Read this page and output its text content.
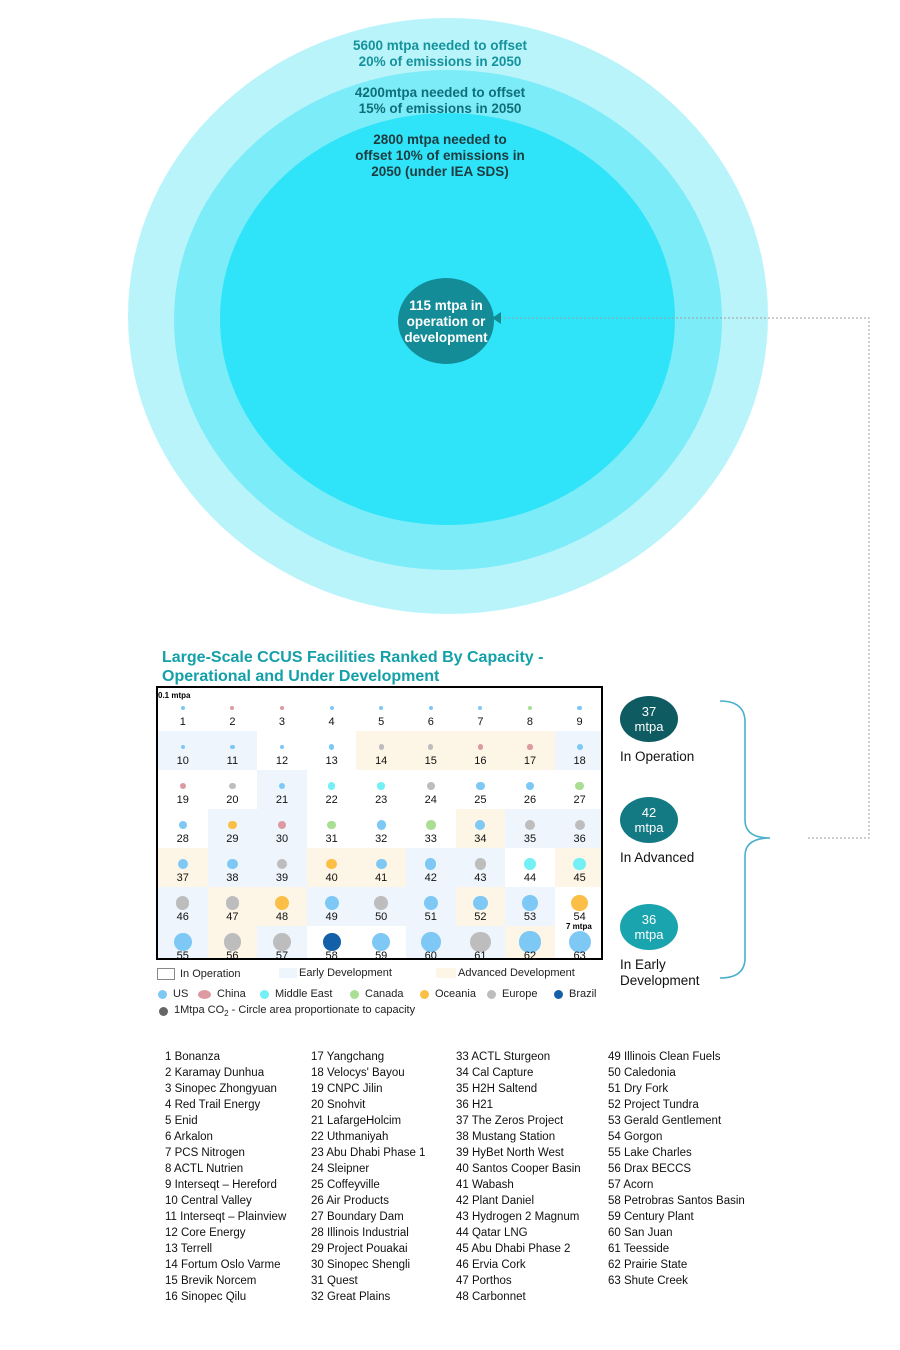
5600 mtpa needed to offset
20% of emissions in 2050
4200mtpa needed to offset
15% of emissions in 2050
2800 mtpa needed to
offset 10% of emissions in
2050 (under IEA SDS)
115 mtpa in
operation or
development
Large-Scale CCUS Facilities Ranked By Capacity -
Operational and Under Development
0.1 mtpa
7 mtpa
1	2	3	4	5	6	7	8	9
10	11	12	13	14	15	16	17	18
19	20	21	22	23	24	25	26	27
28	29	30	31	32	33	34	35	36
37	38	39	40	41	42	43	44	45
46	47	48	49	50	51	52	53	54
55	56	57	58	59	60	61	62	63
In Operation	Early Development	Advanced Development
US	China	Middle East	Canada	Oceania Europe	Brazil
1Mtpa $CO_2$ - Circle area proportionate to capacity
37
mtpa
In Operation
42
mtpa
In Advanced
36
mtpa
In Early
Development
1 Bonanza
2 Karamay Dunhua
3 Sinopec Zhongyuan
4 Red Trail Energy
5 Enid
6 Arkalon
7 PCS Nitrogen
8 ACTL Nutrien
9 Interseqt – Hereford
10 Central Valley
11 Interseqt – Plainview
12 Core Energy
13 Terrell
14 Fortum Oslo Varme
15 Brevik Norcem
16 Sinopec Qilu
17 Yangchang
18 Velocys' Bayou
19 CNPC Jilin
20 Snohvit
21 LafargeHolcim
22 Uthmaniyah
23 Abu Dhabi Phase 1
24 Sleipner
25 Coffeyville
26 Air Products
27 Boundary Dam
28 Illinois Industrial
29 Project Pouakai
30 Sinopec Shengli
31 Quest
32 Great Plains
33 ACTL Sturgeon
34 Cal Capture
35 H2H Saltend
36 H21
37 The Zeros Project
38 Mustang Station
39 HyBet North West
40 Santos Cooper Basin
41 Wabash
42 Plant Daniel
43 Hydrogen 2 Magnum
44 Qatar LNG
45 Abu Dhabi Phase 2
46 Ervia Cork
47 Porthos
48 Carbonnet
49 Illinois Clean Fuels
50 Caledonia
51 Dry Fork
52 Project Tundra
53 Gerald Gentlement
54 Gorgon
55 Lake Charles
56 Drax BECCS
57 Acorn
58 Petrobras Santos Basin
59 Century Plant
60 San Juan
61 Teesside
62 Prairie State
63 Shute Creek
